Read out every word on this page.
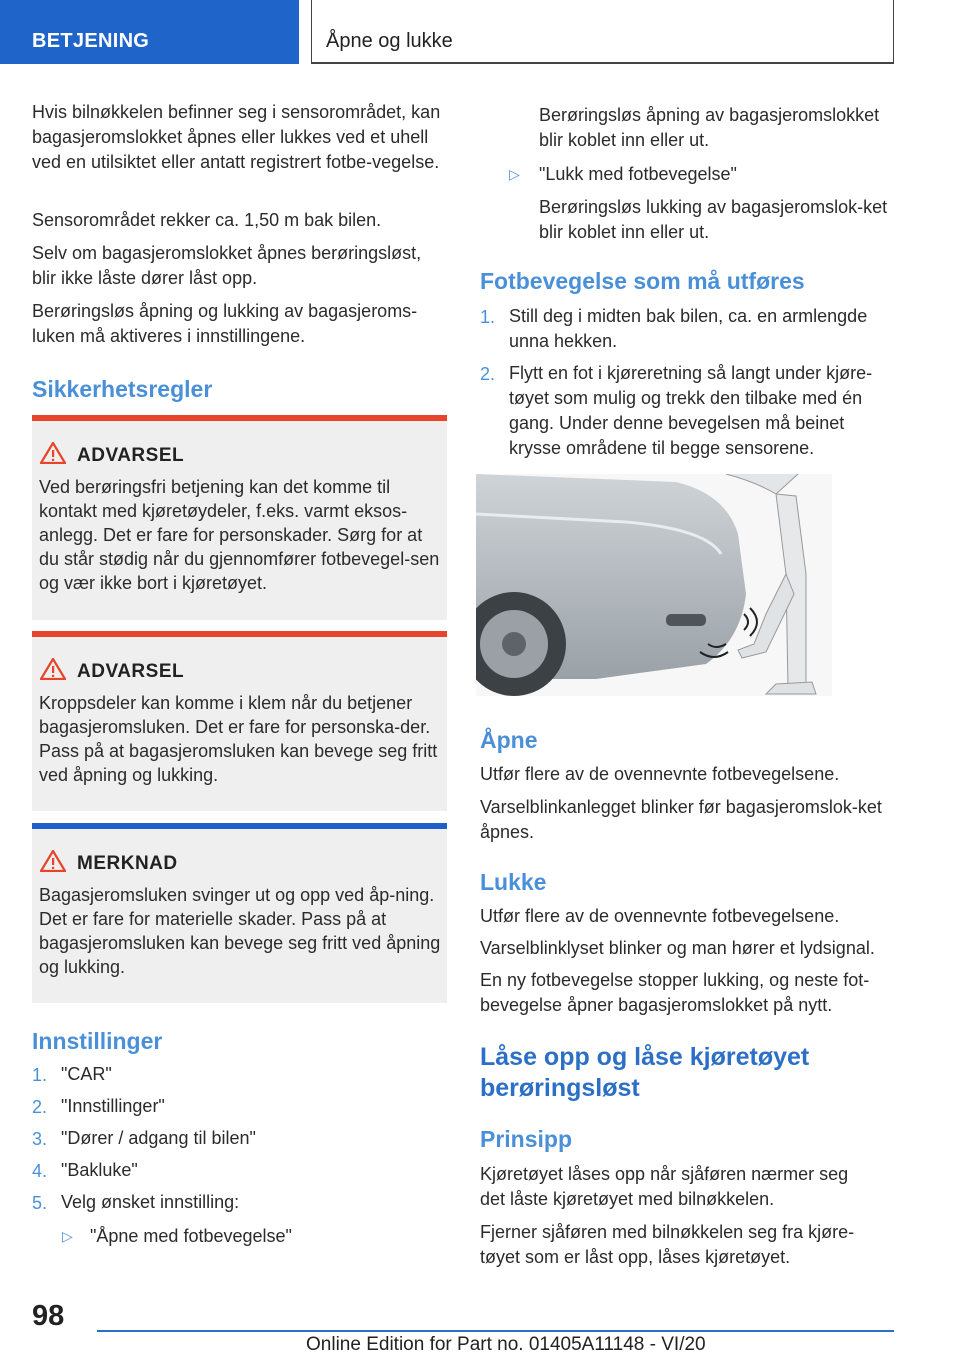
BETJENING	Åpne og lukke

Hvis bilnøkkelen befinner seg i sensorområdet, kan bagasjeromslokket åpnes eller lukkes ved et uhell ved en utilsiktet eller antatt registrert fotbe-vegelse.

Sensorområdet rekker ca. 1,50 m bak bilen.

Selv om bagasjeromslokket åpnes berøringsløst, blir ikke låste dører låst opp.

Berøringsløs åpning og lukking av bagasjeroms-luken må aktiveres i innstillingene.

Sikkerhetsregler
ADVARSEL
Ved berøringsfri betjening kan det komme til kontakt med kjøretøydeler, f.eks. varmt eksos-anlegg. Det er fare for personskader. Sørg for at du står stødig når du gjennomfører fotbevegel-sen og vær ikke bort i kjøretøyet.
ADVARSEL
Kroppsdeler kan komme i klem når du betjener bagasjeromsluken. Det er fare for personska-der. Pass på at bagasjeromsluken kan bevege seg fritt ved åpning og lukking.
MERKNAD
Bagasjeromsluken svinger ut og opp ved åp-ning. Det er fare for materielle skader. Pass på at bagasjeromsluken kan bevege seg fritt ved åpning og lukking.
Innstillinger
1. "CAR"
2. "Innstillinger"
3. "Dører / adgang til bilen"
4. "Bakluke"
5. Velg ønsket innstilling:
▷ "Åpne med fotbevegelse"

Berøringsløs åpning av bagasjeromslokket blir koblet inn eller ut.

▷ "Lukk med fotbevegelse"

Berøringsløs lukking av bagasjeromslok-ket blir koblet inn eller ut.

Fotbevegelse som må utføres
1. Still deg i midten bak bilen, ca. en armlengde unna hekken.

2. Flytt en fot i kjøreretning så langt under kjøre-tøyet som mulig og trekk den tilbake med én gang. Under denne bevegelsen må beinet krysse områdene til begge sensorene.

Åpne

Utfør flere av de ovennevnte fotbevegelsene.

Varselblinkanlegget blinker før bagasjeromslok-ket åpnes.

Lukke

Utfør flere av de ovennevnte fotbevegelsene.

Varselblinklyset blinker og man hører et lydsignal.

En ny fotbevegelse stopper lukking, og neste fot-bevegelse åpner bagasjeromslokket på nytt.

Låse opp og låse kjøretøyet berøringsløst
Prinsipp

Kjøretøyet låses opp når sjåføren nærmer seg det låste kjøretøyet med bilnøkkelen.

Fjerner sjåføren med bilnøkkelen seg fra kjøre-tøyet som er låst opp, låses kjøretøyet.

98
Online Edition for Part no. 01405A11148 - VI/20
